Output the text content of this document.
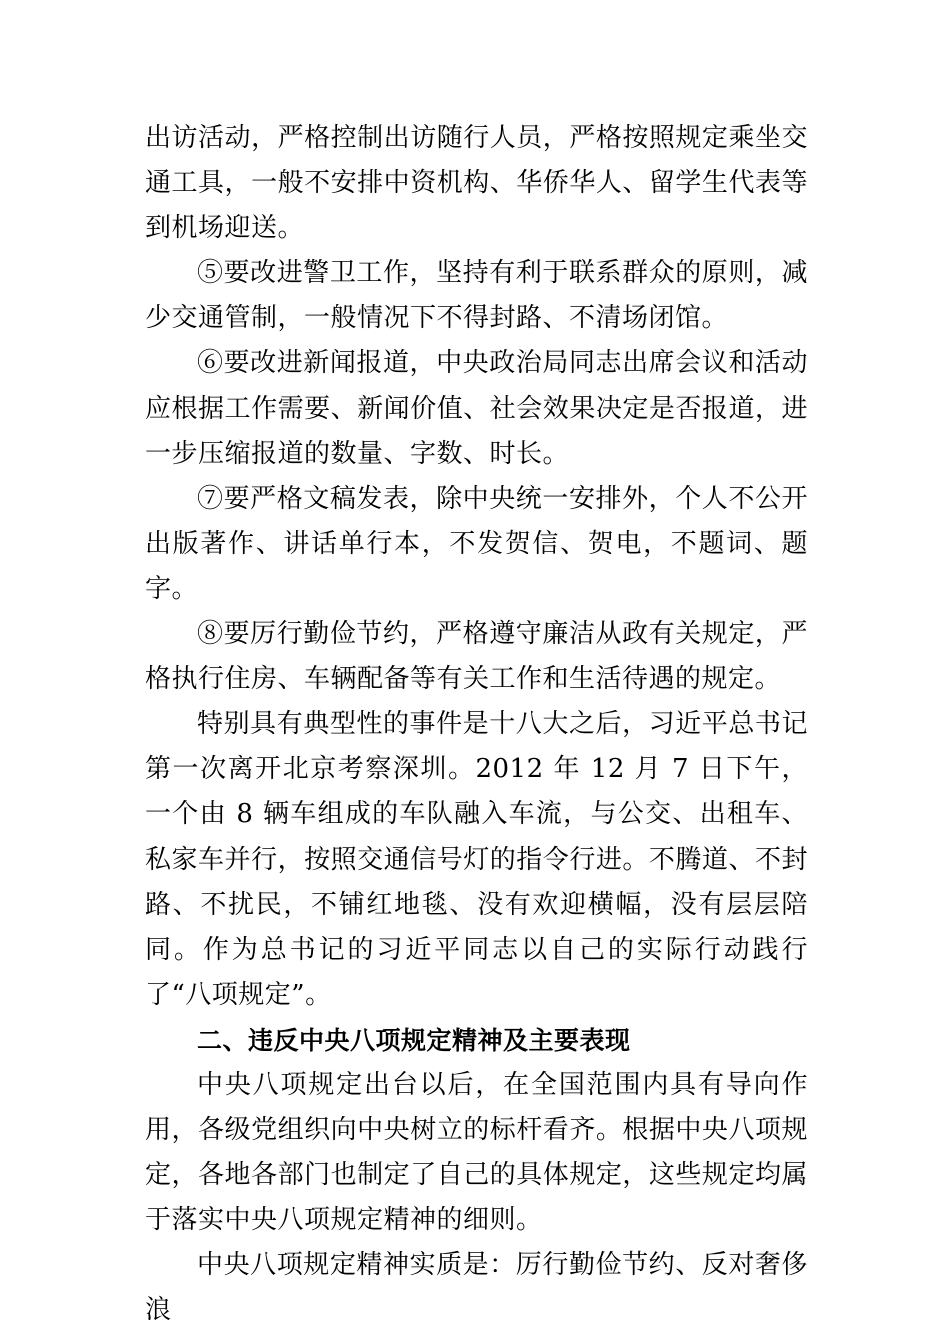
出访活动，严格控制出访随行人员，严格按照规定乘坐交通工具，一般不安排中资机构、华侨华人、留学生代表等到机场迎送。

⑤要改进警卫工作，坚持有利于联系群众的原则，减少交通管制，一般情况下不得封路、不清场闭馆。

⑥要改进新闻报道，中央政治局同志出席会议和活动应根据工作需要、新闻价值、社会效果决定是否报道，进一步压缩报道的数量、字数、时长。

⑦要严格文稿发表，除中央统一安排外，个人不公开出版著作、讲话单行本，不发贺信、贺电，不题词、题字。

⑧要厉行勤俭节约，严格遵守廉洁从政有关规定，严格执行住房、车辆配备等有关工作和生活待遇的规定。

特别具有典型性的事件是十八大之后，习近平总书记第一次离开北京考察深圳。2012 年 12 月 7 日下午，一个由 8 辆车组成的车队融入车流，与公交、出租车、私家车并行，按照交通信号灯的指令行进。不腾道、不封路、不扰民，不铺红地毯、没有欢迎横幅，没有层层陪同。作为总书记的习近平同志以自己的实际行动践行了“八项规定”。

二、违反中央八项规定精神及主要表现

中央八项规定出台以后，在全国范围内具有导向作用，各级党组织向中央树立的标杆看齐。根据中央八项规定，各地各部门也制定了自己的具体规定，这些规定均属于落实中央八项规定精神的细则。

中央八项规定精神实质是：厉行勤俭节约、反对奢侈浪
